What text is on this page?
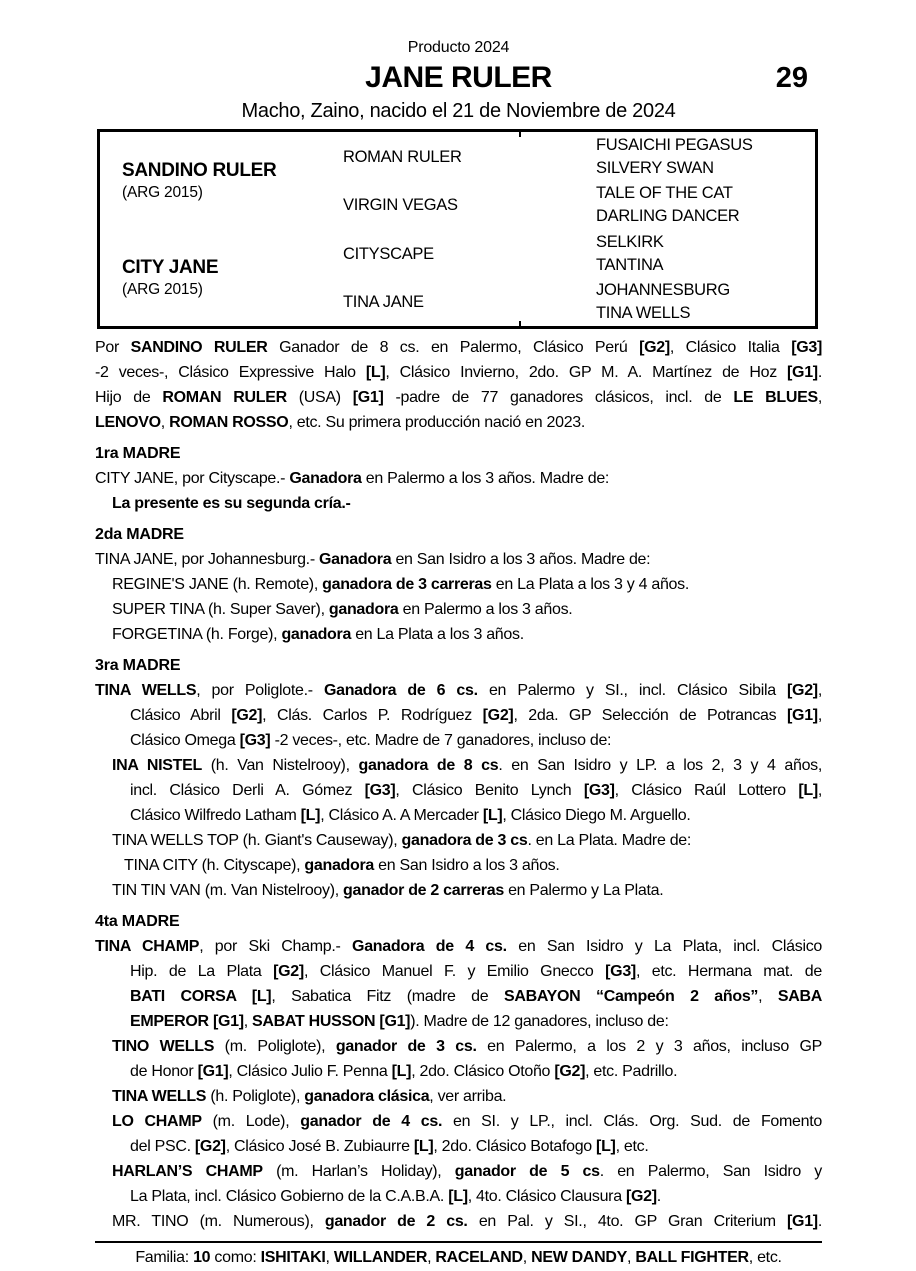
Producto 2024
JANE RULER	29
Macho, Zaino, nacido el 21 de Noviembre de 2024
SANDINO RULER
(ARG 2015)
ROMAN RULER
FUSAICHI PEGASUS
SILVERY SWAN
VIRGIN VEGAS
TALE OF THE CAT
DARLING DANCER
CITY JANE
(ARG 2015)
CITYSCAPE
SELKIRK
TANTINA
TINA JANE
JOHANNESBURG
TINA WELLS
Por SANDINO RULER Ganador de 8 cs. en Palermo, Clásico Perú [G2], Clásico Italia [G3]
-2 veces-, Clásico Expressive Halo [L], Clásico Invierno, 2do. GP M. A. Martínez de Hoz [G1].
Hijo de ROMAN RULER (USA) [G1] -padre de 77 ganadores clásicos, incl. de LE BLUES,
LENOVO, ROMAN ROSSO, etc. Su primera producción nació en 2023.
1ra MADRE
CITY JANE, por Cityscape.- Ganadora en Palermo a los 3 años. Madre de:
La presente es su segunda cría.-
2da MADRE
TINA JANE, por Johannesburg.- Ganadora en San Isidro a los 3 años. Madre de:
REGINE'S JANE (h. Remote), ganadora de 3 carreras en La Plata a los 3 y 4 años.
SUPER TINA (h. Super Saver), ganadora en Palermo a los 3 años.
FORGETINA (h. Forge), ganadora en La Plata a los 3 años.
3ra MADRE
TINA WELLS, por Poliglote.- Ganadora de 6 cs. en Palermo y SI., incl. Clásico Sibila [G2],
Clásico Abril [G2], Clás. Carlos P. Rodríguez [G2], 2da. GP Selección de Potrancas [G1],
Clásico Omega [G3] -2 veces-, etc. Madre de 7 ganadores, incluso de:
INA NISTEL (h. Van Nistelrooy), ganadora de 8 cs. en San Isidro y LP. a los 2, 3 y 4 años,
incl. Clásico Derli A. Gómez [G3], Clásico Benito Lynch [G3], Clásico Raúl Lottero [L],
Clásico Wilfredo Latham [L], Clásico A. A Mercader [L], Clásico Diego M. Arguello.
TINA WELLS TOP (h. Giant's Causeway), ganadora de 3 cs. en La Plata. Madre de:
TINA CITY (h. Cityscape), ganadora en San Isidro a los 3 años.
TIN TIN VAN (m. Van Nistelrooy), ganador de 2 carreras en Palermo y La Plata.
4ta MADRE
TINA CHAMP, por Ski Champ.- Ganadora de 4 cs. en San Isidro y La Plata, incl. Clásico
Hip. de La Plata [G2], Clásico Manuel F. y Emilio Gnecco [G3], etc. Hermana mat. de
BATI CORSA [L], Sabatica Fitz (madre de SABAYON “Campeón 2 años”, SABA
EMPEROR [G1], SABAT HUSSON [G1]). Madre de 12 ganadores, incluso de:
TINO WELLS (m. Poliglote), ganador de 3 cs. en Palermo, a los 2 y 3 años, incluso GP
de Honor [G1], Clásico Julio F. Penna [L], 2do. Clásico Otoño [G2], etc. Padrillo.
TINA WELLS (h. Poliglote), ganadora clásica, ver arriba.
LO CHAMP (m. Lode), ganador de 4 cs. en SI. y LP., incl. Clás. Org. Sud. de Fomento
del PSC. [G2], Clásico José B. Zubiaurre [L], 2do. Clásico Botafogo [L], etc.
HARLAN’S CHAMP (m. Harlan’s Holiday), ganador de 5 cs. en Palermo, San Isidro y
La Plata, incl. Clásico Gobierno de la C.A.B.A. [L], 4to. Clásico Clausura [G2].
MR. TINO (m. Numerous), ganador de 2 cs. en Pal. y SI., 4to. GP Gran Criterium [G1].
Familia: 10 como: ISHITAKI, WILLANDER, RACELAND, NEW DANDY, BALL FIGHTER, etc.
